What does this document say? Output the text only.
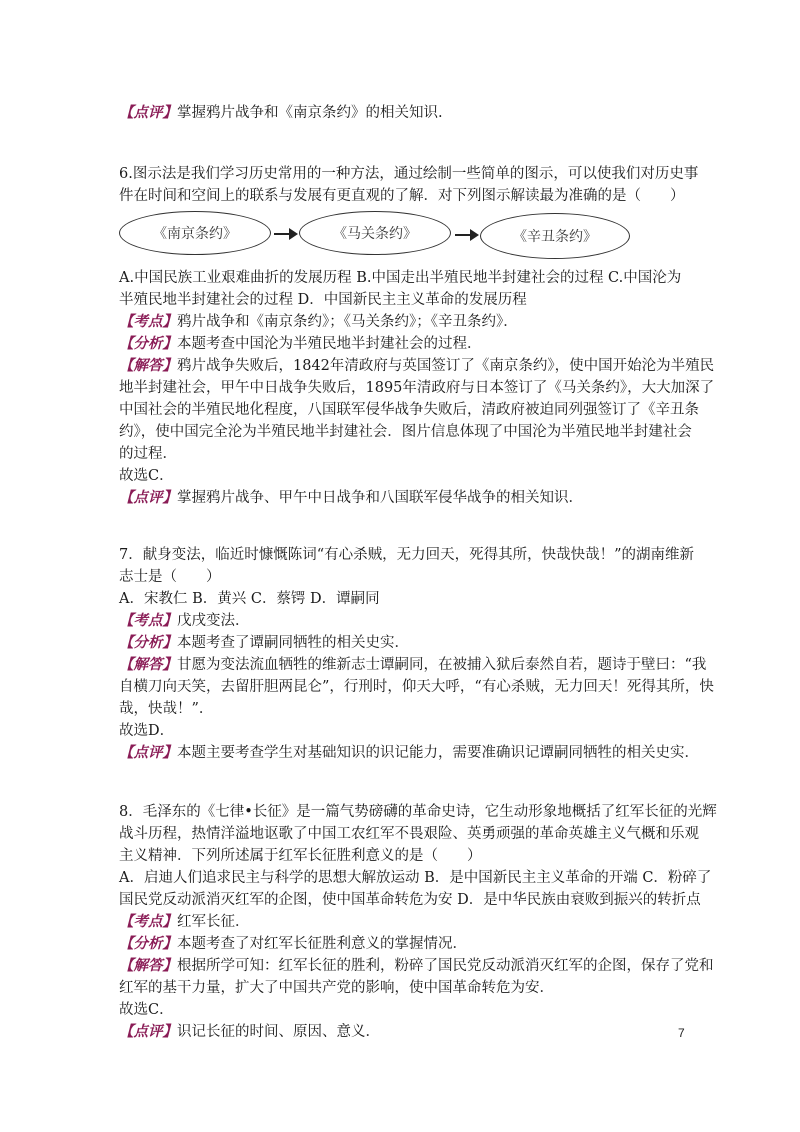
【点评】掌握鸦片战争和《南京条约》的相关知识.
6.图示法是我们学习历史常用的一种方法，通过绘制一些简单的图示，可以使我们对历史事
件在时间和空间上的联系与发展有更直观的了解．对下列图示解读最为准确的是（　　）
《南京条约》	《马关条约》	《辛丑条约》
A.中国民族工业艰难曲折的发展历程 B.中国走出半殖民地半封建社会的过程 C.中国沦为
半殖民地半封建社会的过程 D．中国新民主主义革命的发展历程
【考点】鸦片战争和《南京条约》；《马关条约》；《辛丑条约》．
【分析】本题考查中国沦为半殖民地半封建社会的过程．
【解答】鸦片战争失败后，1842年清政府与英国签订了《南京条约》，使中国开始沦为半殖民
地半封建社会，甲午中日战争失败后，1895年清政府与日本签订了《马关条约》，大大加深了
中国社会的半殖民地化程度，八国联军侵华战争失败后，清政府被迫同列强签订了《辛丑条
约》，使中国完全沦为半殖民地半封建社会．图片信息体现了中国沦为半殖民地半封建社会
的过程．
故选C．
【点评】掌握鸦片战争、甲午中日战争和八国联军侵华战争的相关知识．
7．献身变法，临近时慷慨陈词“有心杀贼，无力回天，死得其所，快哉快哉！”的湖南维新
志士是（　　）
A．宋教仁 B．黄兴 C．蔡锷 D．谭嗣同
【考点】戊戌变法．
【分析】本题考查了谭嗣同牺牲的相关史实．
【解答】甘愿为变法流血牺牲的维新志士谭嗣同，在被捕入狱后泰然自若，题诗于壁曰：“我
自横刀向天笑，去留肝胆两昆仑”，行刑时，仰天大呼，“有心杀贼，无力回天！死得其所，快
哉，快哉！”．
故选D．
【点评】本题主要考查学生对基础知识的识记能力，需要准确识记谭嗣同牺牲的相关史实．
8．毛泽东的《七律•长征》是一篇气势磅礴的革命史诗，它生动形象地概括了红军长征的光辉
战斗历程，热情洋溢地讴歌了中国工农红军不畏艰险、英勇顽强的革命英雄主义气概和乐观
主义精神．下列所述属于红军长征胜利意义的是（　　）
A．启迪人们追求民主与科学的思想大解放运动 B．是中国新民主主义革命的开端 C．粉碎了
国民党反动派消灭红军的企图，使中国革命转危为安 D．是中华民族由衰败到振兴的转折点
【考点】红军长征．
【分析】本题考查了对红军长征胜利意义的掌握情况．
【解答】根据所学可知：红军长征的胜利，粉碎了国民党反动派消灭红军的企图，保存了党和
红军的基干力量，扩大了中国共产党的影响，使中国革命转危为安．
故选C．
【点评】识记长征的时间、原因、意义．	7
